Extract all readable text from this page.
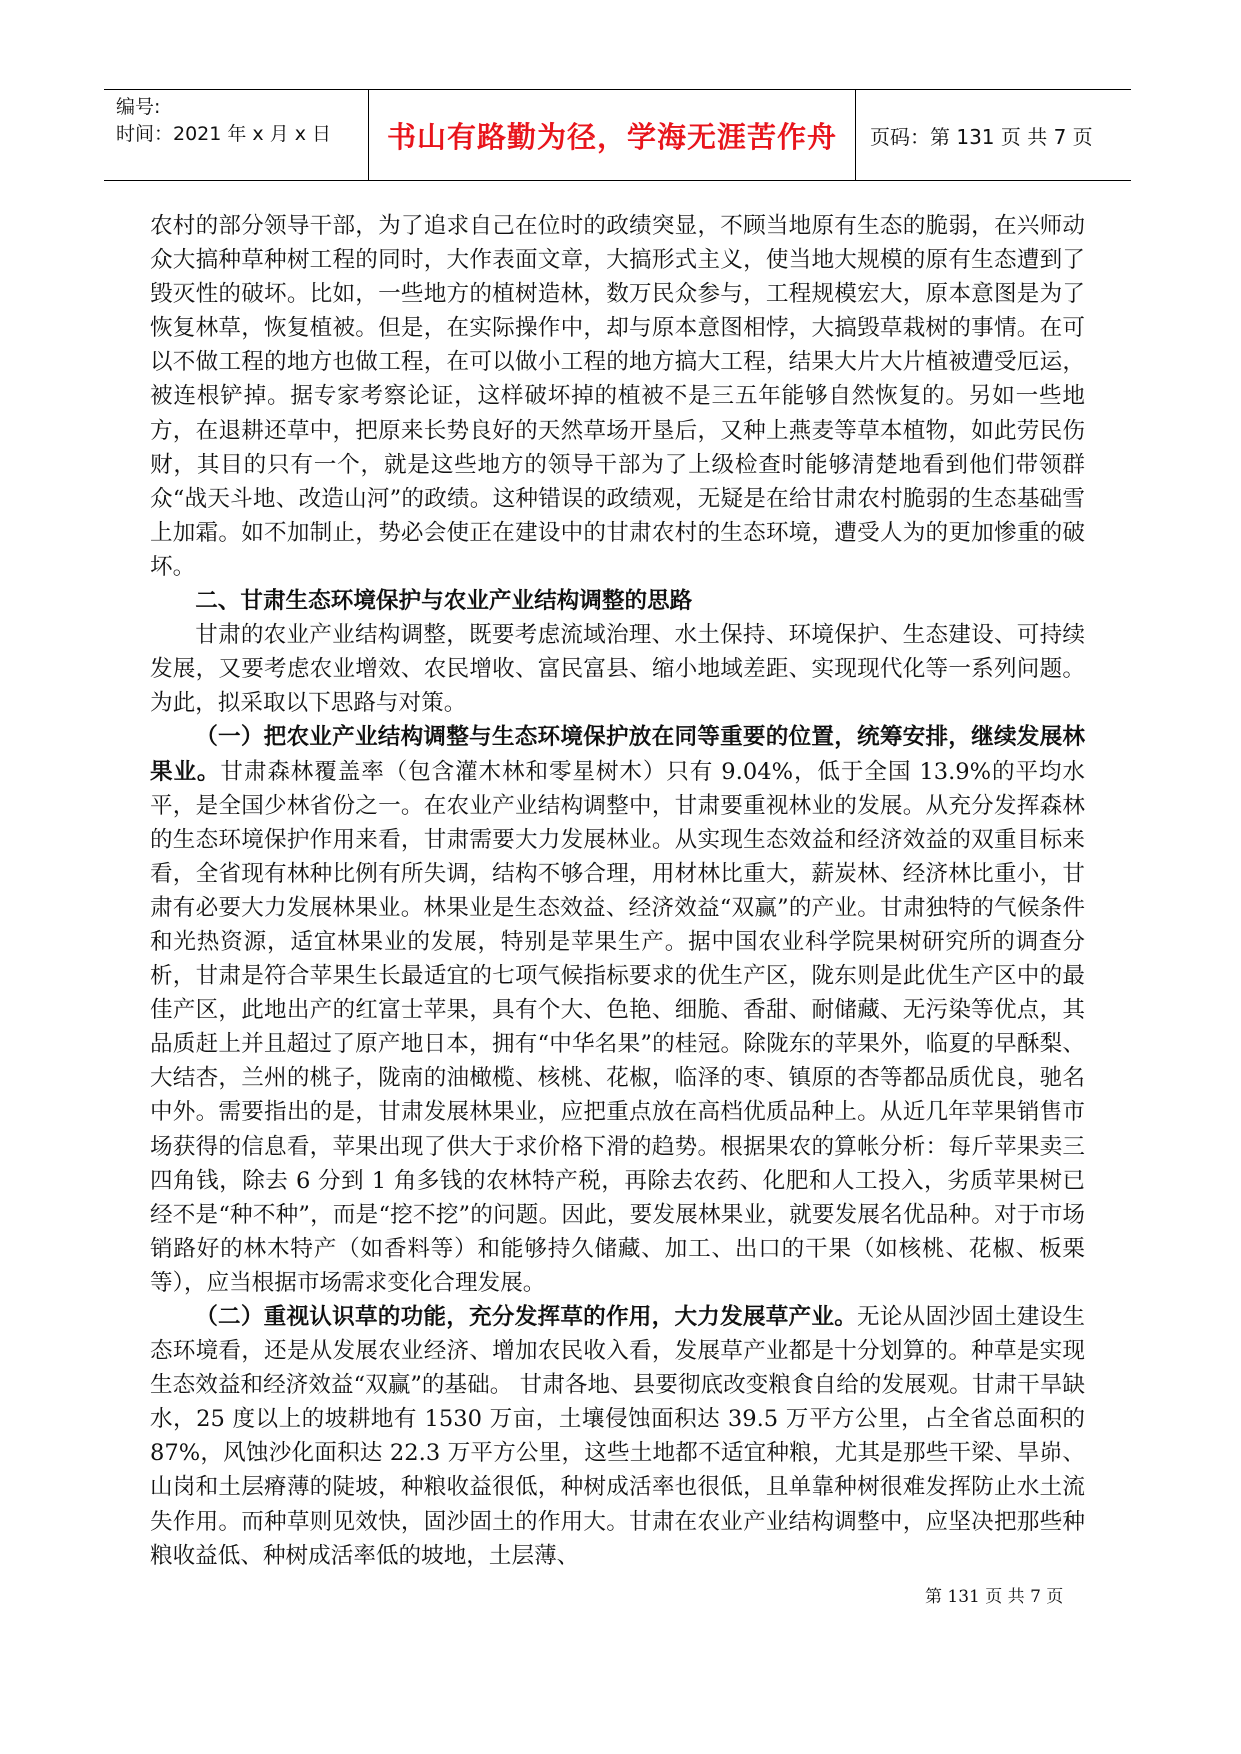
编号:
时间：2021 年 x 月 x 日	书山有路勤为径，学海无涯苦作舟	页码：第 131 页 共 7 页

农村的部分领导干部，为了追求自己在位时的政绩突显，不顾当地原有生态的脆弱，在兴师动众大搞种草种树工程的同时，大作表面文章，大搞形式主义，使当地大规模的原有生态遭到了毁灭性的破坏。比如，一些地方的植树造林，数万民众参与，工程规模宏大，原本意图是为了恢复林草，恢复植被。但是，在实际操作中，却与原本意图相悖，大搞毁草栽树的事情。在可以不做工程的地方也做工程，在可以做小工程的地方搞大工程，结果大片大片植被遭受厄运，被连根铲掉。据专家考察论证，这样破坏掉的植被不是三五年能够自然恢复的。另如一些地方，在退耕还草中，把原来长势良好的天然草场开垦后，又种上燕麦等草本植物，如此劳民伤财，其目的只有一个，就是这些地方的领导干部为了上级检查时能够清楚地看到他们带领群众“战天斗地、改造山河”的政绩。这种错误的政绩观，无疑是在给甘肃农村脆弱的生态基础雪上加霜。如不加制止，势必会使正在建设中的甘肃农村的生态环境，遭受人为的更加惨重的破坏。

二、甘肃生态环境保护与农业产业结构调整的思路

甘肃的农业产业结构调整，既要考虑流域治理、水土保持、环境保护、生态建设、可持续发展，又要考虑农业增效、农民增收、富民富县、缩小地域差距、实现现代化等一系列问题。为此，拟采取以下思路与对策。

（一）把农业产业结构调整与生态环境保护放在同等重要的位置，统筹安排，继续发展林果业。甘肃森林覆盖率（包含灌木林和零星树木）只有 9.04%，低于全国 13.9%的平均水平，是全国少林省份之一。在农业产业结构调整中，甘肃要重视林业的发展。从充分发挥森林的生态环境保护作用来看，甘肃需要大力发展林业。从实现生态效益和经济效益的双重目标来看，全省现有林种比例有所失调，结构不够合理，用材林比重大，薪炭林、经济林比重小，甘肃有必要大力发展林果业。林果业是生态效益、经济效益“双赢”的产业。甘肃独特的气候条件和光热资源，适宜林果业的发展，特别是苹果生产。据中国农业科学院果树研究所的调查分析，甘肃是符合苹果生长最适宜的七项气候指标要求的优生产区，陇东则是此优生产区中的最佳产区，此地出产的红富士苹果，具有个大、色艳、细脆、香甜、耐储藏、无污染等优点，其品质赶上并且超过了原产地日本，拥有“中华名果”的桂冠。除陇东的苹果外，临夏的早酥梨、大结杏，兰州的桃子，陇南的油橄榄、核桃、花椒，临泽的枣、镇原的杏等都品质优良，驰名中外。需要指出的是，甘肃发展林果业，应把重点放在高档优质品种上。从近几年苹果销售市场获得的信息看，苹果出现了供大于求价格下滑的趋势。根据果农的算帐分析：每斤苹果卖三四角钱，除去 6 分到 1 角多钱的农林特产税，再除去农药、化肥和人工投入，劣质苹果树已经不是“种不种”，而是“挖不挖”的问题。因此，要发展林果业，就要发展名优品种。对于市场销路好的林木特产（如香料等）和能够持久储藏、加工、出口的干果（如核桃、花椒、板栗等），应当根据市场需求变化合理发展。

（二）重视认识草的功能，充分发挥草的作用，大力发展草产业。无论从固沙固土建设生态环境看，还是从发展农业经济、增加农民收入看，发展草产业都是十分划算的。种草是实现生态效益和经济效益“双赢”的基础。 甘肃各地、县要彻底改变粮食自给的发展观。甘肃干旱缺水，25 度以上的坡耕地有 1530 万亩，土壤侵蚀面积达 39.5 万平方公里，占全省总面积的 87%，风蚀沙化面积达 22.3 万平方公里，这些土地都不适宜种粮，尤其是那些干梁、旱峁、山岗和土层瘠薄的陡坡，种粮收益很低，种树成活率也很低，且单靠种树很难发挥防止水土流失作用。而种草则见效快，固沙固土的作用大。甘肃在农业产业结构调整中，应坚决把那些种粮收益低、种树成活率低的坡地，土层薄、

第 131 页 共 7 页
